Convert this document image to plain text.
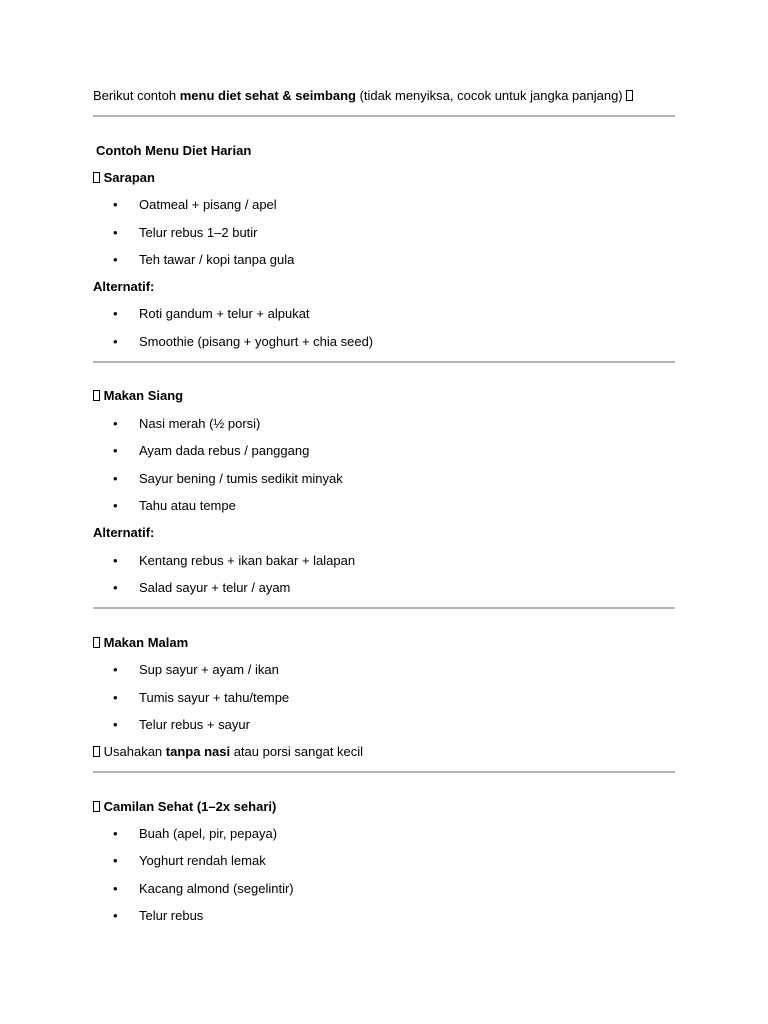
Berikut contoh menu diet sehat & seimbang (tidak menyiksa, cocok untuk jangka panjang)
Contoh Menu Diet Harian
Sarapan
• Oatmeal + pisang / apel
• Telur rebus 1–2 butir
• Teh tawar / kopi tanpa gula
Alternatif:
• Roti gandum + telur + alpukat
• Smoothie (pisang + yoghurt + chia seed)
Makan Siang
• Nasi merah (½ porsi)
• Ayam dada rebus / panggang
• Sayur bening / tumis sedikit minyak
• Tahu atau tempe
Alternatif:
• Kentang rebus + ikan bakar + lalapan
• Salad sayur + telur / ayam
Makan Malam
• Sup sayur + ayam / ikan
• Tumis sayur + tahu/tempe
• Telur rebus + sayur
Usahakan tanpa nasi atau porsi sangat kecil
Camilan Sehat (1–2x sehari)
• Buah (apel, pir, pepaya)
• Yoghurt rendah lemak
• Kacang almond (segelintir)
• Telur rebus
